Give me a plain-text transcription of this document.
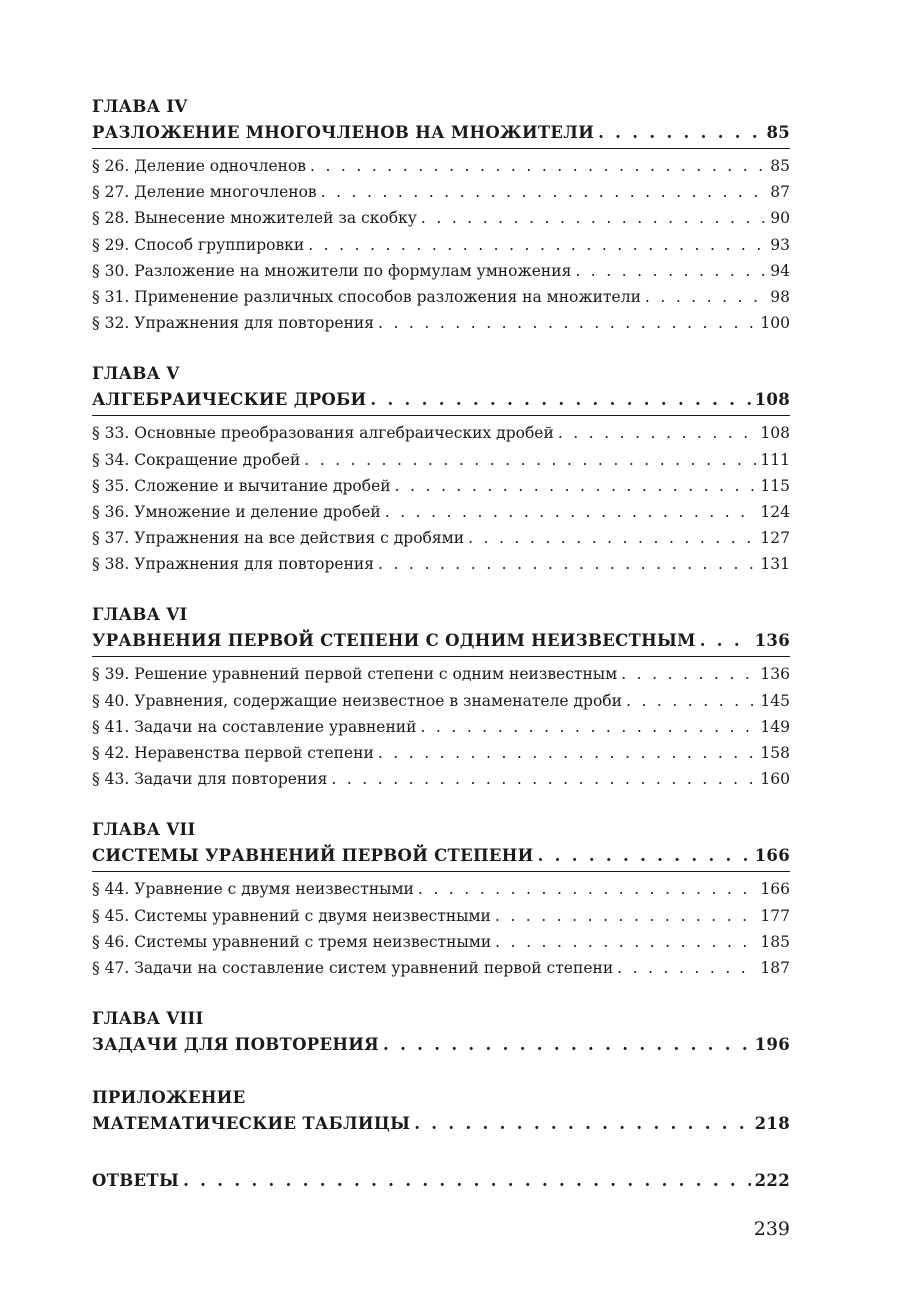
ГЛАВА IV
РАЗЛОЖЕНИЕ МНОГОЧЛЕНОВ НА МНОЖИТЕЛИ . . .	85
§ 26. Деление одночленов . . .	85
§ 27. Деление многочленов . . .	87
§ 28. Вынесение множителей за скобку . . .	90
§ 29. Способ группировки . . .	93
§ 30. Разложение на множители по формулам умножения . . .	94
§ 31. Применение различных способов разложения на множители . . .	98
§ 32. Упражнения для повторения . . .	100
ГЛАВА V
АЛГЕБРАИЧЕСКИЕ ДРОБИ . . .	108
§ 33. Основные преобразования алгебраических дробей . . .	108
§ 34. Сокращение дробей . . .	111
§ 35. Сложение и вычитание дробей . . .	115
§ 36. Умножение и деление дробей . . .	124
§ 37. Упражнения на все действия с дробями . . .	127
§ 38. Упражнения для повторения . . .	131
ГЛАВА VI
УРАВНЕНИЯ ПЕРВОЙ СТЕПЕНИ С ОДНИМ НЕИЗВЕСТНЫМ . . .	136
§ 39. Решение уравнений первой степени с одним неизвестным . . .	136
§ 40. Уравнения, содержащие неизвестное в знаменателе дроби . . .	145
§ 41. Задачи на составление уравнений . . .	149
§ 42. Неравенства первой степени . . .	158
§ 43. Задачи для повторения . . .	160
ГЛАВА VII
СИСТЕМЫ УРАВНЕНИЙ ПЕРВОЙ СТЕПЕНИ . . .	166
§ 44. Уравнение с двумя неизвестными . . .	166
§ 45. Системы уравнений с двумя неизвестными . . .	177
§ 46. Системы уравнений с тремя неизвестными . . .	185
§ 47. Задачи на составление систем уравнений первой степени . . .	187
ГЛАВА VIII
ЗАДАЧИ ДЛЯ ПОВТОРЕНИЯ . . .	196
ПРИЛОЖЕНИЕ
МАТЕМАТИЧЕСКИЕ ТАБЛИЦЫ . . .	218
ОТВЕТЫ . . .	222
239
